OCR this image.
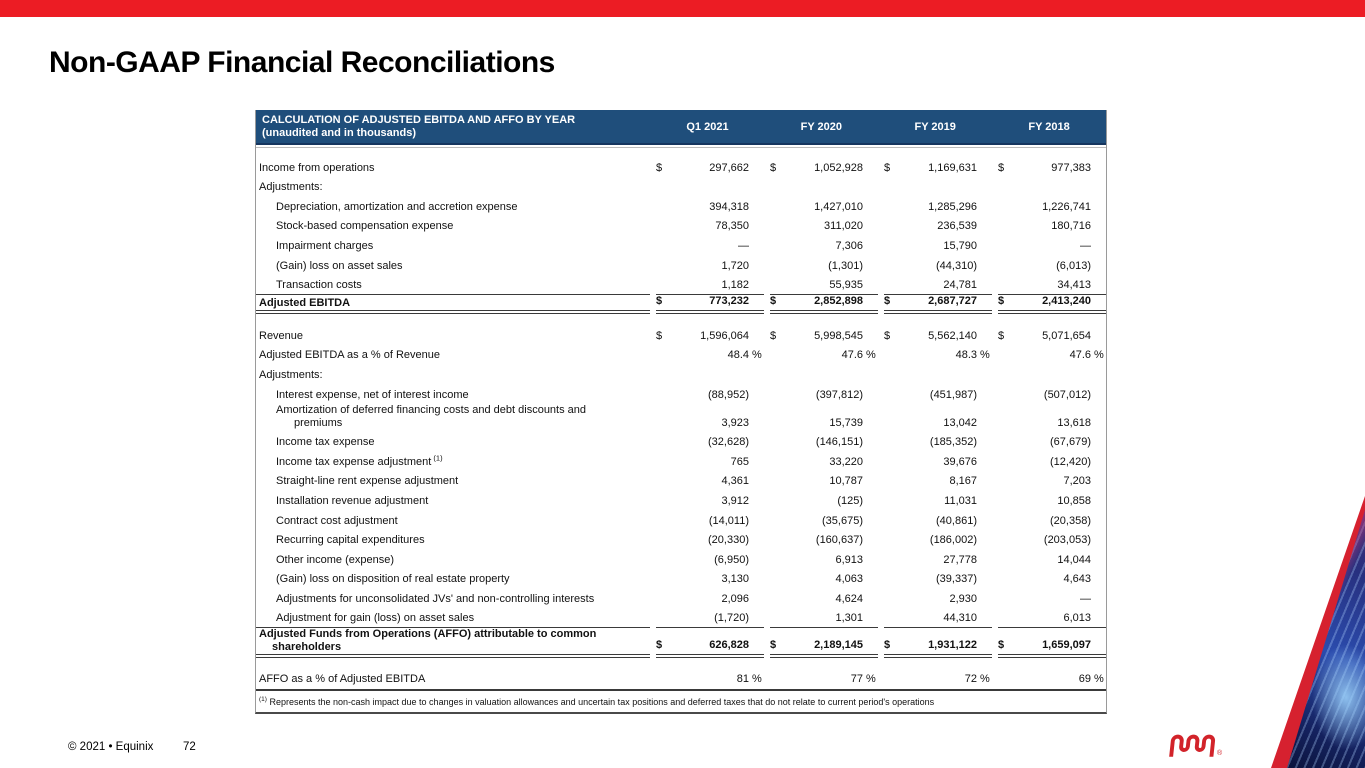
Non-GAAP Financial Reconciliations
CALCULATION OF ADJUSTED EBITDA AND AFFO BY YEAR
(unaudited and in thousands)	Q1 2021	FY 2020	FY 2019	FY 2018
Income from operations	$	297,662 $	1,052,928 $	1,169,631 $	977,383
Adjustments:
Depreciation, amortization and accretion expense	394,318	1,427,010	1,285,296	1,226,741
Stock-based compensation expense	78,350	311,020	236,539	180,716
Impairment charges	—	7,306	15,790	—
(Gain) loss on asset sales	1,720	(1,301)	(44,310)	(6,013)
Transaction costs	1,182	55,935	24,781	34,413
Adjusted EBITDA	$	773,232 $	2,852,898 $	2,687,727 $	2,413,240
Revenue	$	1,596,064 $	5,998,545 $	5,562,140 $	5,071,654
Adjusted EBITDA as a % of Revenue	48.4 %	47.6 %	48.3 %	47.6 %
Adjustments:
Interest expense, net of interest income	(88,952)	(397,812)	(451,987)	(507,012)
Amortization of deferred financing costs and debt discounts and premiums	3,923	15,739	13,042	13,618
Income tax expense	(32,628)	(146,151)	(185,352)	(67,679)
Income tax expense adjustment $^{(1)}$	765	33,220	39,676	(12,420)
Straight-line rent expense adjustment	4,361	10,787	8,167	7,203
Installation revenue adjustment	3,912	(125)	11,031	10,858
Contract cost adjustment	(14,011)	(35,675)	(40,861)	(20,358)
Recurring capital expenditures	(20,330)	(160,637)	(186,002)	(203,053)
Other income (expense)	(6,950)	6,913	27,778	14,044
(Gain) loss on disposition of real estate property	3,130	4,063	(39,337)	4,643
Adjustments for unconsolidated JVs' and non-controlling interests	2,096	4,624	2,930	—
Adjustment for gain (loss) on asset sales	(1,720)	1,301	44,310	6,013
Adjusted Funds from Operations (AFFO) attributable to common shareholders	$	626,828 $	2,189,145 $	1,931,122 $	1,659,097
AFFO as a % of Adjusted EBITDA	81 %	77 %	72 %	69 %
$^{(1)}$ Represents the non-cash impact due to changes in valuation allowances and uncertain tax positions and deferred taxes that do not relate to current period's operations
© 2021 • Equinix	72
®
